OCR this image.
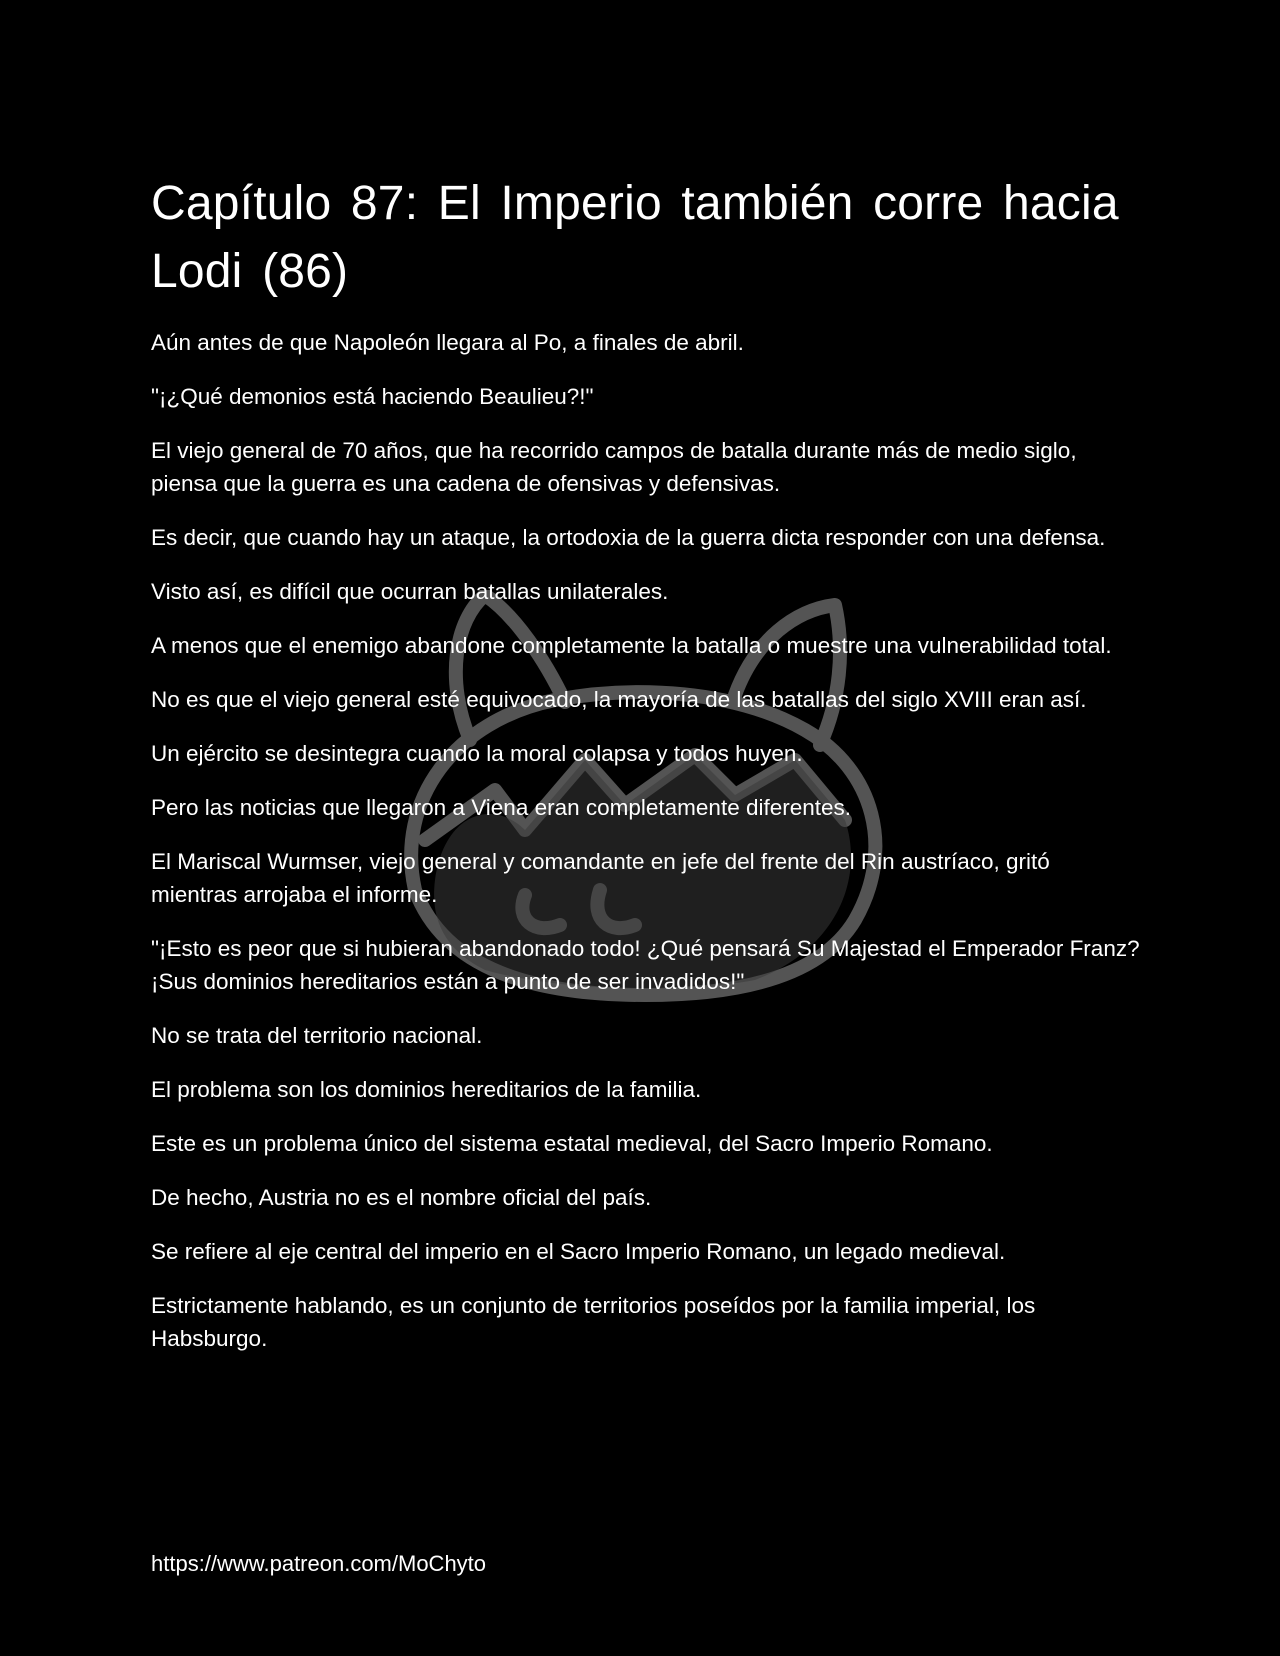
Capítulo 87: El Imperio también corre hacia Lodi (86)

Aún antes de que Napoleón llegara al Po, a finales de abril.

"¡¿Qué demonios está haciendo Beaulieu?!"

El viejo general de 70 años, que ha recorrido campos de batalla durante más de medio siglo, piensa que la guerra es una cadena de ofensivas y defensivas.

Es decir, que cuando hay un ataque, la ortodoxia de la guerra dicta responder con una defensa.

Visto así, es difícil que ocurran batallas unilaterales.

A menos que el enemigo abandone completamente la batalla o muestre una vulnerabilidad total.

No es que el viejo general esté equivocado, la mayoría de las batallas del siglo XVIII eran así.

Un ejército se desintegra cuando la moral colapsa y todos huyen.

Pero las noticias que llegaron a Viena eran completamente diferentes.

El Mariscal Wurmser, viejo general y comandante en jefe del frente del Rin austríaco, gritó mientras arrojaba el informe.

"¡Esto es peor que si hubieran abandonado todo! ¿Qué pensará Su Majestad el Emperador Franz? ¡Sus dominios hereditarios están a punto de ser invadidos!"

No se trata del territorio nacional.

El problema son los dominios hereditarios de la familia.

Este es un problema único del sistema estatal medieval, del Sacro Imperio Romano.

De hecho, Austria no es el nombre oficial del país.

Se refiere al eje central del imperio en el Sacro Imperio Romano, un legado medieval.

Estrictamente hablando, es un conjunto de territorios poseídos por la familia imperial, los Habsburgo.

https://www.patreon.com/MoChyto
